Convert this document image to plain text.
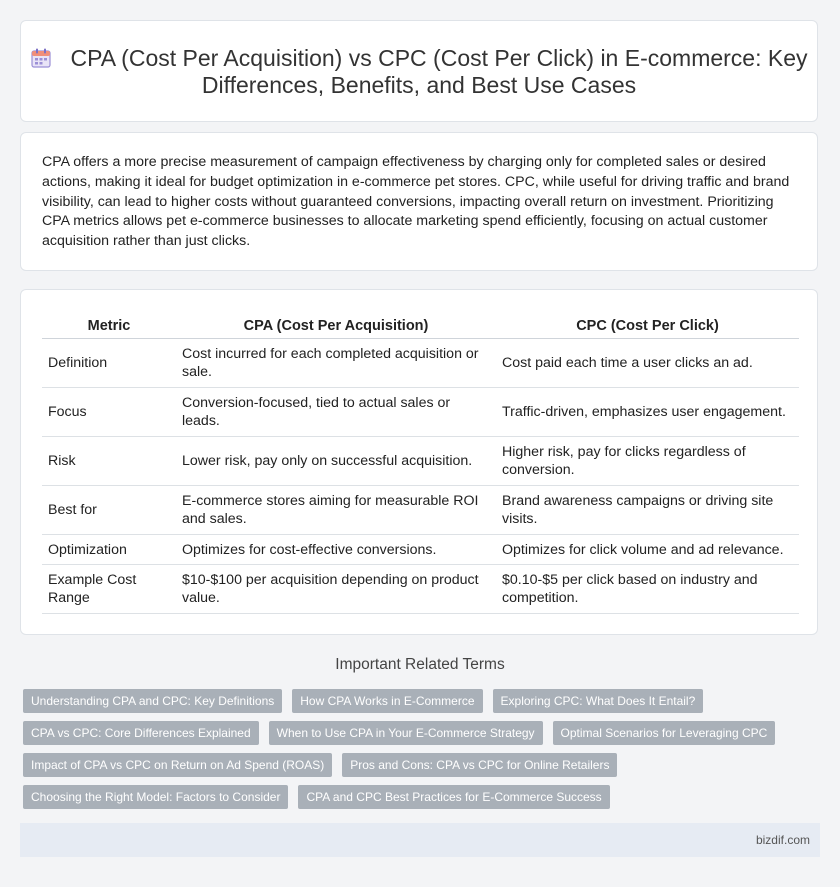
CPA (Cost Per Acquisition) vs CPC (Cost Per Click) in E-commerce: Key Differences, Benefits, and Best Use Cases
CPA offers a more precise measurement of campaign effectiveness by charging only for completed sales or desired actions, making it ideal for budget optimization in e-commerce pet stores. CPC, while useful for driving traffic and brand visibility, can lead to higher costs without guaranteed conversions, impacting overall return on investment. Prioritizing CPA metrics allows pet e-commerce businesses to allocate marketing spend efficiently, focusing on actual customer acquisition rather than just clicks.
Metric	CPA (Cost Per Acquisition)	CPC (Cost Per Click)
Definition	Cost incurred for each completed acquisition or sale.	Cost paid each time a user clicks an ad.
Focus	Conversion-focused, tied to actual sales or leads.	Traffic-driven, emphasizes user engagement.
Risk	Lower risk, pay only on successful acquisition.	Higher risk, pay for clicks regardless of conversion.
Best for	E-commerce stores aiming for measurable ROI and sales.	Brand awareness campaigns or driving site visits.
Optimization	Optimizes for cost-effective conversions.	Optimizes for click volume and ad relevance.
Example Cost Range	$10-$100 per acquisition depending on product value.	$0.10-$5 per click based on industry and competition.
Important Related Terms
Understanding CPA and CPC: Key Definitions	How CPA Works in E-Commerce	Exploring CPC: What Does It Entail?
CPA vs CPC: Core Differences Explained	When to Use CPA in Your E-Commerce Strategy	Optimal Scenarios for Leveraging CPC
Impact of CPA vs CPC on Return on Ad Spend (ROAS)	Pros and Cons: CPA vs CPC for Online Retailers
Choosing the Right Model: Factors to Consider	CPA and CPC Best Practices for E-Commerce Success
bizdif.com
